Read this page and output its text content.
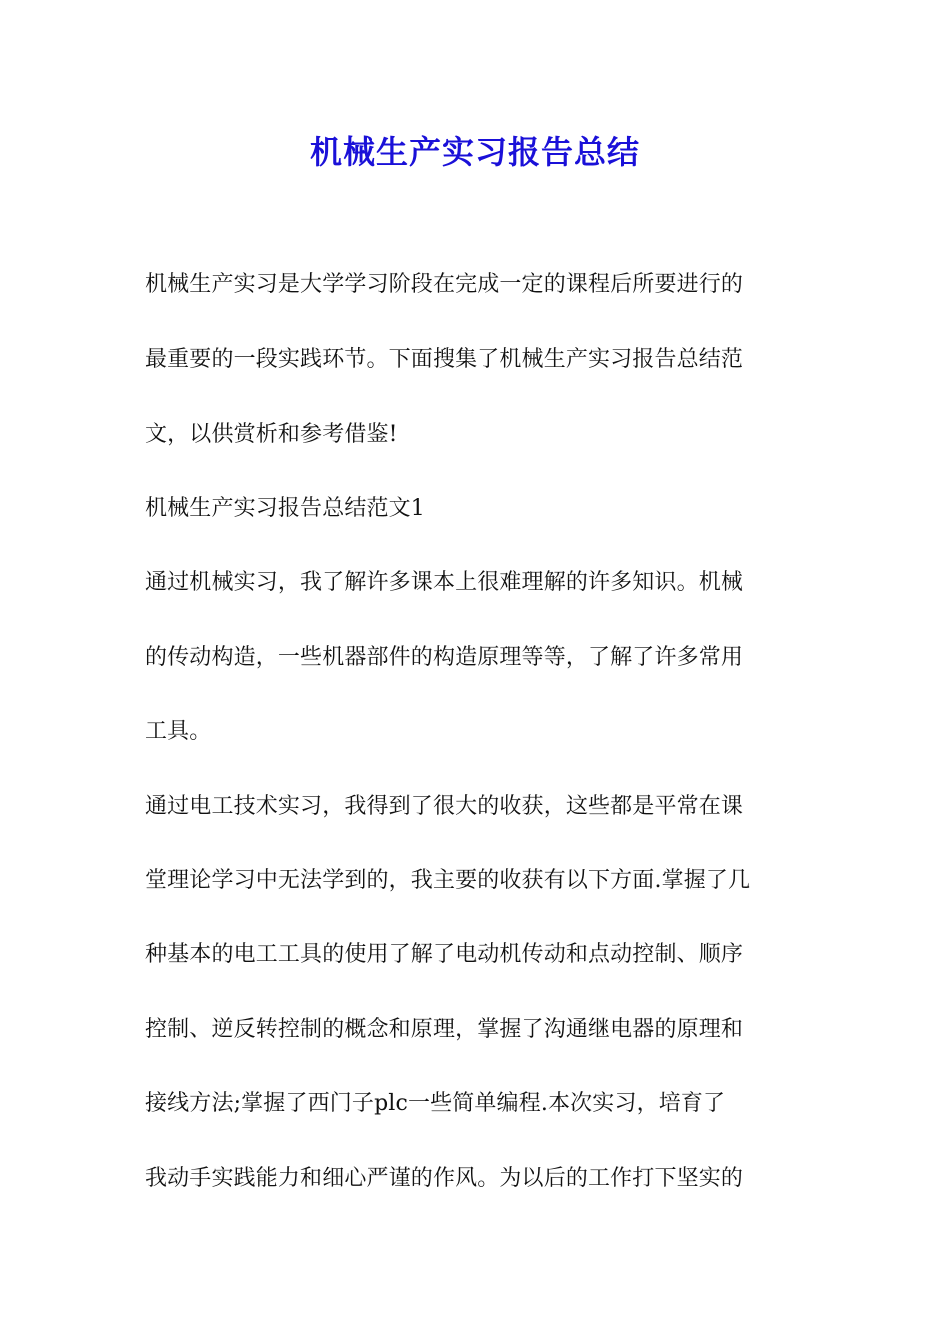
机械生产实习报告总结
机械生产实习是大学学习阶段在完成一定的课程后所要进行的
最重要的一段实践环节。下面搜集了机械生产实习报告总结范
文，以供赏析和参考借鉴!
机械生产实习报告总结范文1
通过机械实习，我了解许多课本上很难理解的许多知识。机械
的传动构造，一些机器部件的构造原理等等，了解了许多常用
工具。
通过电工技术实习，我得到了很大的收获，这些都是平常在课
堂理论学习中无法学到的，我主要的收获有以下方面.掌握了几
种基本的电工工具的使用了解了电动机传动和点动控制、顺序
控制、逆反转控制的概念和原理，掌握了沟通继电器的原理和
接线方法;掌握了西门子plc一些简单编程.本次实习，培育了
我动手实践能力和细心严谨的作风。为以后的工作打下坚实的
